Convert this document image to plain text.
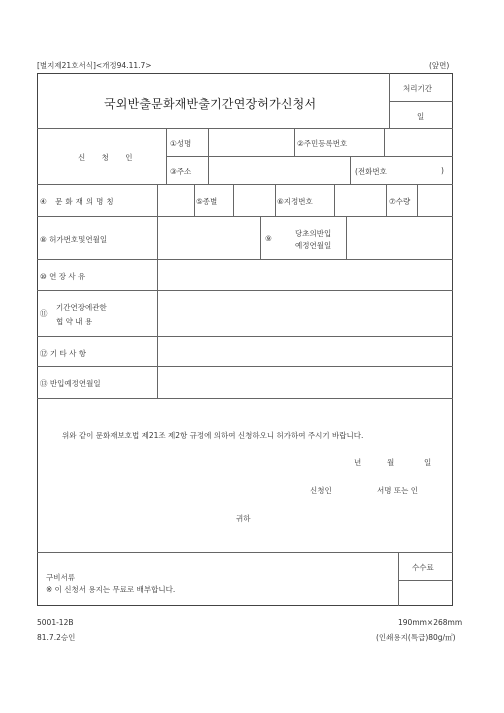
[별지제21호서식]<개정94.11.7>	(앞면)
국외반출문화재반출기간연장허가신청서
처리기간
일
신 청 인
①성명	②주민등록번호
③주소	(전화번호	)
④ 문화재의명칭	⑤종별	⑥지정번호	⑦수량
⑧ 허가번호및연월일	⑨
당초의반입
예정연월일
⑩ 연 장 사 유
⑪
기간연장에관한
협 약 내 용
⑫ 기 타 사 항
⑬ 반입예정연월일
위와 같이 문화재보호법 제21조 제2항 규정에 의하여 신청하오니 허가하여 주시기 바랍니다.
년	월	일
신청인	서명 또는 인
귀하
구비서류
※ 이 신청서 용지는 무료로 배부합니다.
수수료
5001-12B
81.7.2승인
190mm×268mm
(인쇄용지(특급)80g/㎡)
